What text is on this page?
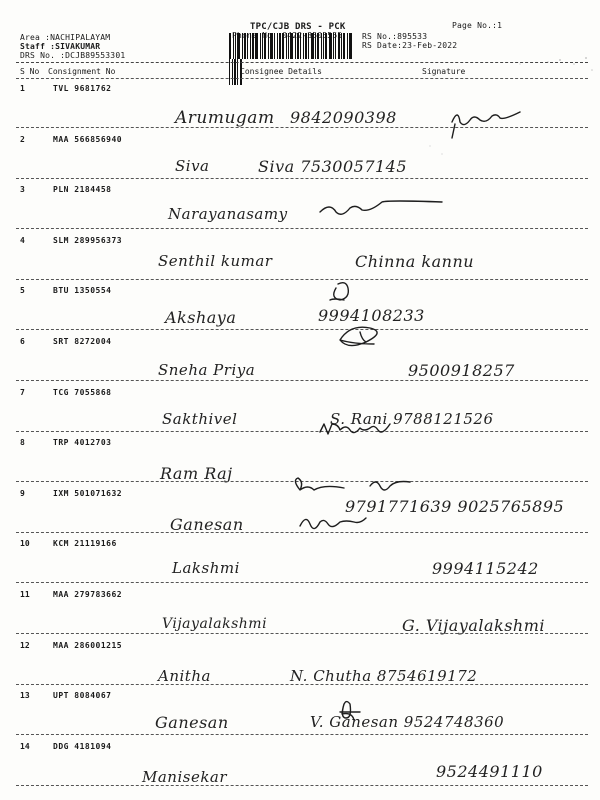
TPC/CJB DRS - PCK	Page No.:1
Area :NACHIPALAYAM
Staff :SIVAKUMAR
DRS No. :DCJB89553301
RS No.:895533
RS Date:23-Feb-2022
S No Consignment No	Consignee Details	Signature
1	TVL 9681762
Arumugam 9842090398
2	MAA 566856940
Siva	Siva 7530057145
3	PLN 2184458
Narayanasamy
4	SLM 289956373
Senthil kumar	Chinna kannu
5	BTU 1350554
Akshaya	9994108233
6	SRT 8272004
Sneha Priya	9500918257
7	TCG 7055868
Sakthivel	S. Rani 9788121526
8	TRP 4012703
Ram Raj
9	IXM 501071632
Ganesan
9791771639 9025765895
10	KCM 21119166
Lakshmi	9994115242
11	MAA 279783662
Vijayalakshmi	G. Vijayalakshmi
12	MAA 286001215
Anitha	N. Chutha 8754619172
13	UPT 8084067
Ganesan	V. Ganesan 9524748360
14	DDG 4181094
Manisekar	9524491110
